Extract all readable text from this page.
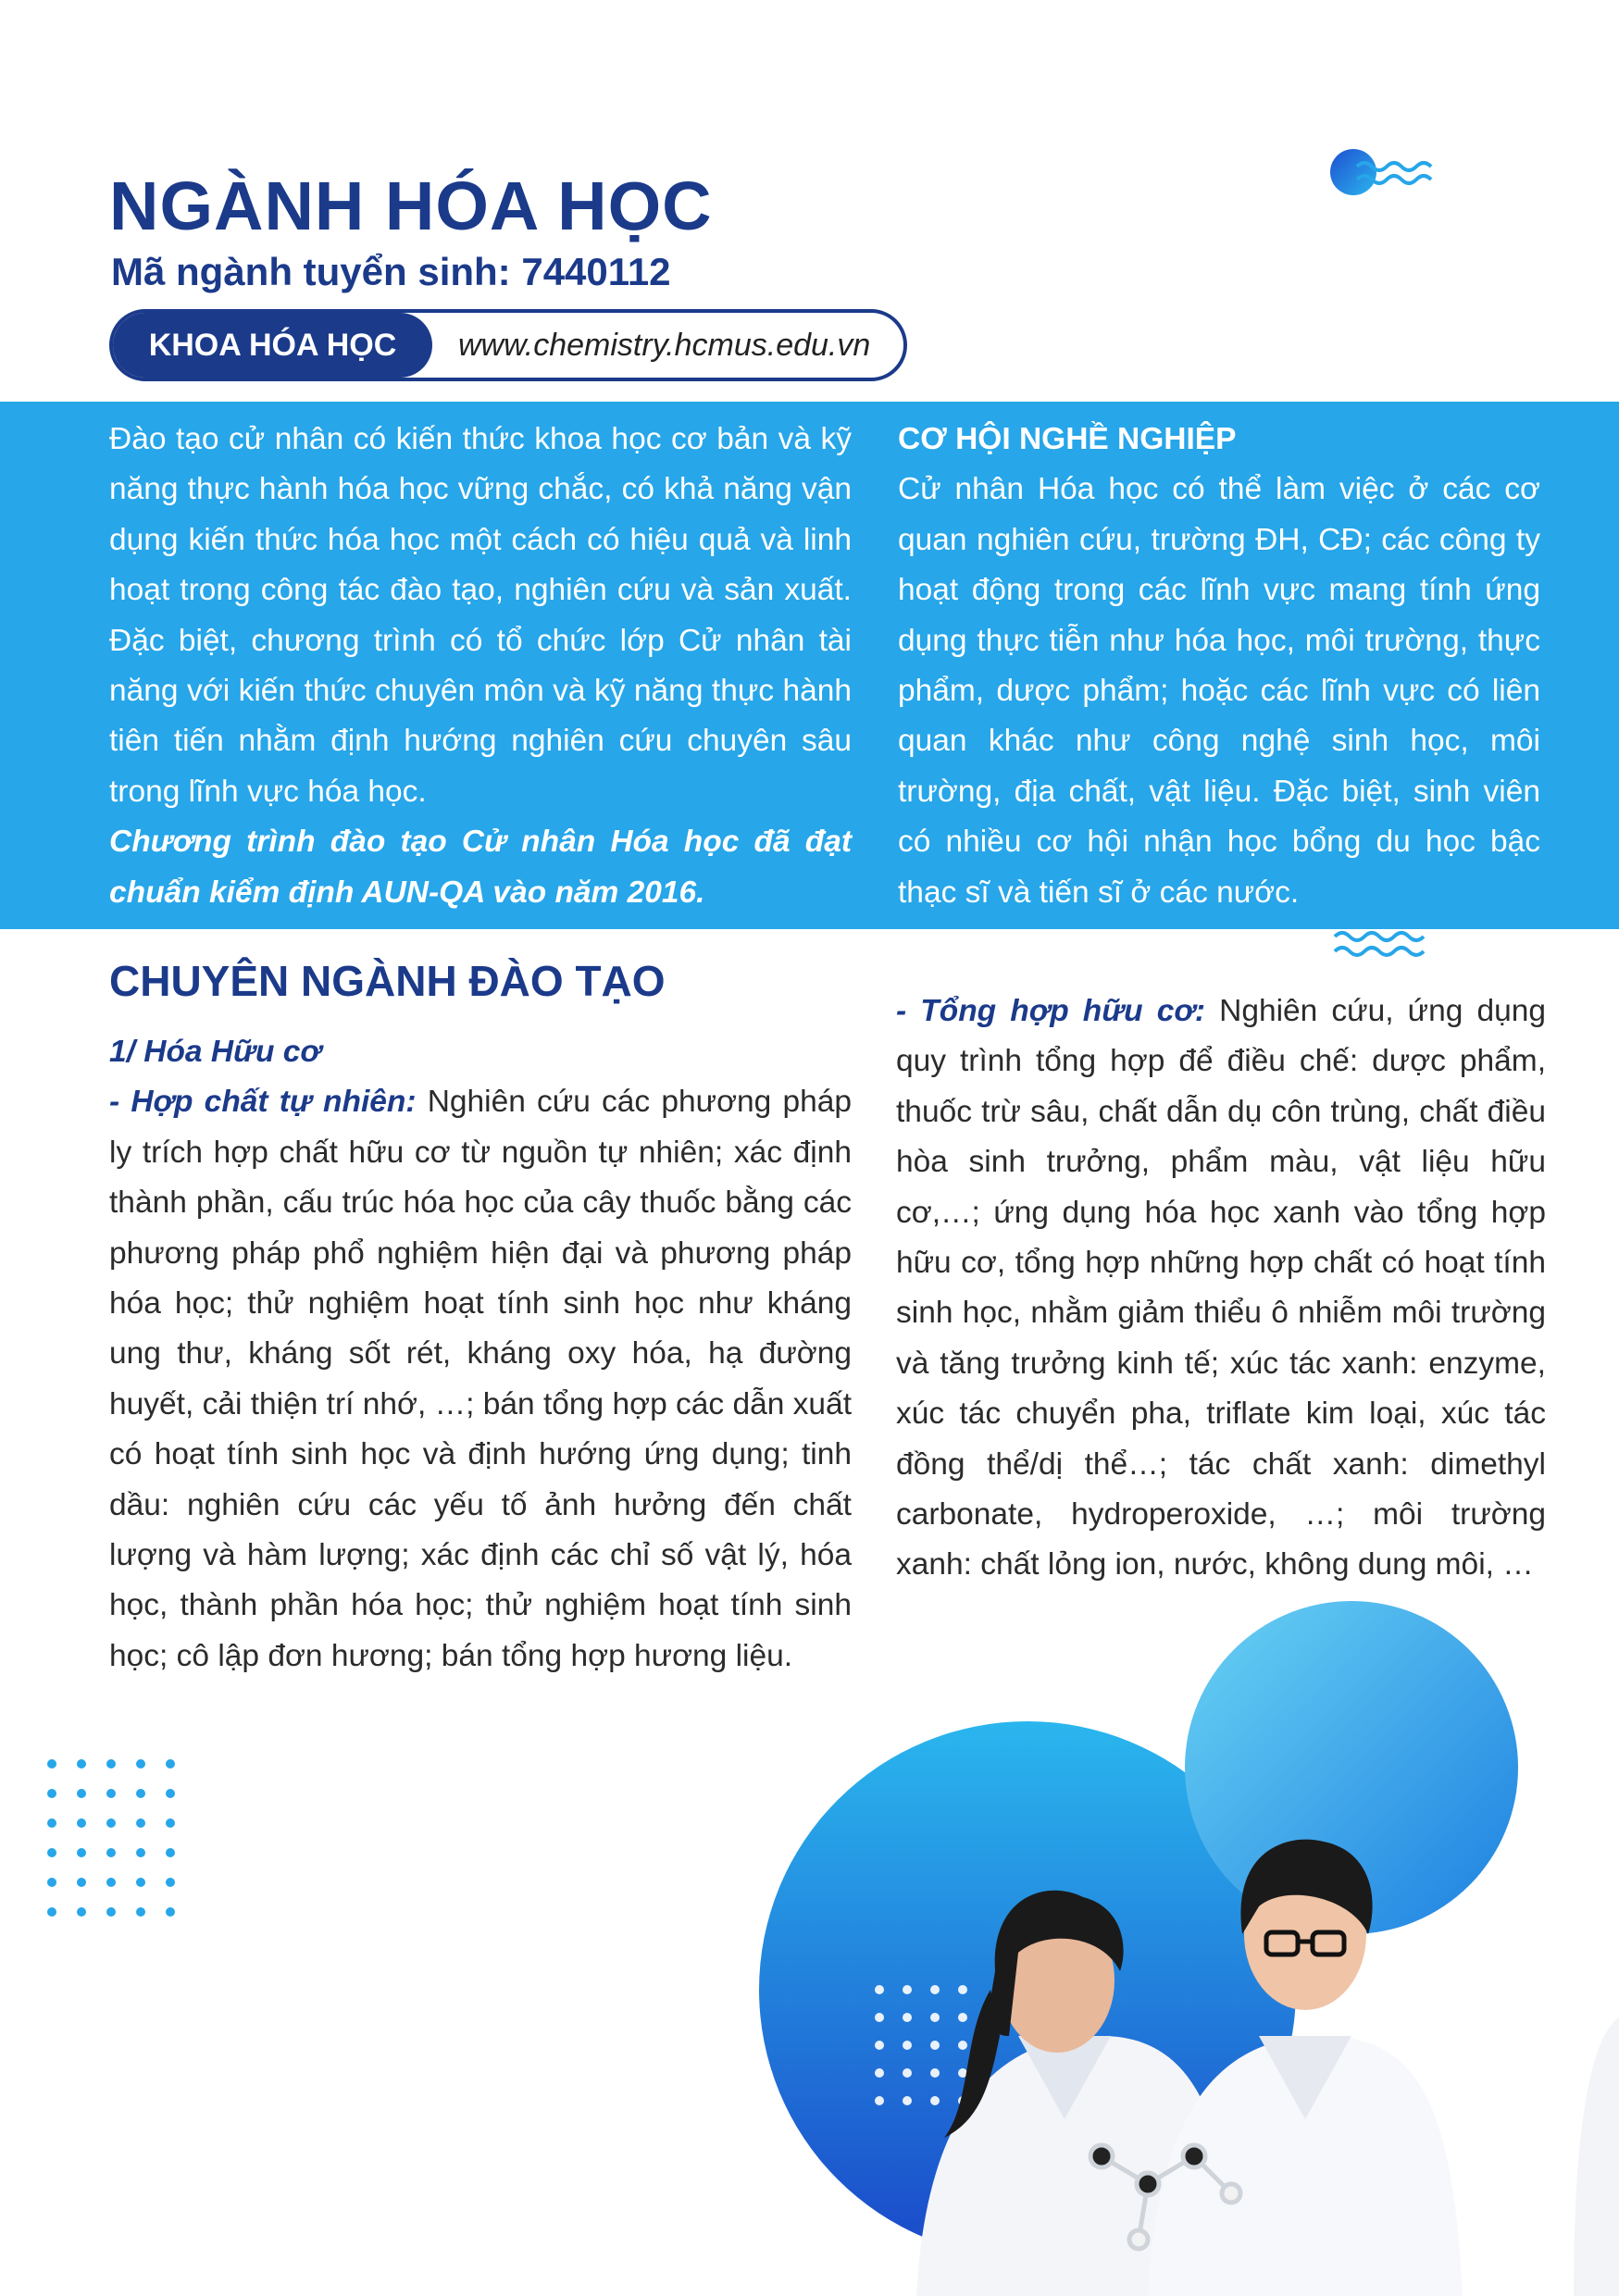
NGÀNH HÓA HỌC
Mã ngành tuyển sinh: 7440112
KHOA HÓA HỌC	www.chemistry.hcmus.edu.vn
Đào tạo cử nhân có kiến thức khoa học cơ bản và kỹ năng thực hành hóa học vững chắc, có khả năng vận dụng kiến thức hóa học một cách có hiệu quả và linh hoạt trong công tác đào tạo, nghiên cứu và sản xuất. Đặc biệt, chương trình có tổ chức lớp Cử nhân tài năng với kiến thức chuyên môn và kỹ năng thực hành tiên tiến nhằm định hướng nghiên cứu chuyên sâu trong lĩnh vực hóa học.
Chương trình đào tạo Cử nhân Hóa học đã đạt chuẩn kiểm định AUN-QA vào năm 2016.
CƠ HỘI NGHỀ NGHIỆP
Cử nhân Hóa học có thể làm việc ở các cơ quan nghiên cứu, trường ĐH, CĐ; các công ty hoạt động trong các lĩnh vực mang tính ứng dụng thực tiễn như hóa học, môi trường, thực phẩm, dược phẩm; hoặc các lĩnh vực có liên quan khác như công nghệ sinh học, môi trường, địa chất, vật liệu. Đặc biệt, sinh viên có nhiều cơ hội nhận học bổng du học bậc thạc sĩ và tiến sĩ ở các nước.
CHUYÊN NGÀNH ĐÀO TẠO
1/ Hóa Hữu cơ
- Hợp chất tự nhiên: Nghiên cứu các phương pháp ly trích hợp chất hữu cơ từ nguồn tự nhiên; xác định thành phần, cấu trúc hóa học của cây thuốc bằng các phương pháp phổ nghiệm hiện đại và phương pháp hóa học; thử nghiệm hoạt tính sinh học như kháng ung thư, kháng sốt rét, kháng oxy hóa, hạ đường huyết, cải thiện trí nhớ, …; bán tổng hợp các dẫn xuất có hoạt tính sinh học và định hướng ứng dụng; tinh dầu: nghiên cứu các yếu tố ảnh hưởng đến chất lượng và hàm lượng; xác định các chỉ số vật lý, hóa học, thành phần hóa học; thử nghiệm hoạt tính sinh học; cô lập đơn hương; bán tổng hợp hương liệu.
- Tổng hợp hữu cơ: Nghiên cứu, ứng dụng quy trình tổng hợp để điều chế: dược phẩm, thuốc trừ sâu, chất dẫn dụ côn trùng, chất điều hòa sinh trưởng, phẩm màu, vật liệu hữu cơ,…; ứng dụng hóa học xanh vào tổng hợp hữu cơ, tổng hợp những hợp chất có hoạt tính sinh học, nhằm giảm thiểu ô nhiễm môi trường và tăng trưởng kinh tế; xúc tác xanh: enzyme, xúc tác chuyển pha, triflate kim loại, xúc tác đồng thể/dị thể…; tác chất xanh: dimethyl carbonate, hydroperoxide, …; môi trường xanh: chất lỏng ion, nước, không dung môi, …
